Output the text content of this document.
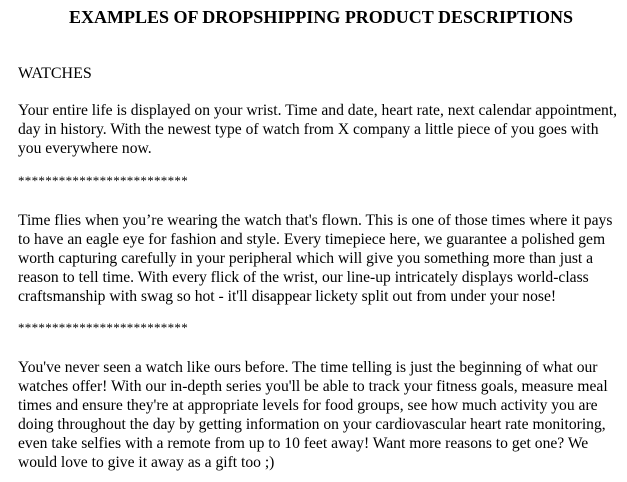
EXAMPLES OF DROPSHIPPING PRODUCT DESCRIPTIONS

WATCHES

Your entire life is displayed on your wrist. Time and date, heart rate, next calendar appointment, day in history. With the newest type of watch from X company a little piece of you goes with you everywhere now.

*************************

Time flies when you’re wearing the watch that's flown. This is one of those times where it pays to have an eagle eye for fashion and style. Every timepiece here, we guarantee a polished gem worth capturing carefully in your peripheral which will give you something more than just a reason to tell time. With every flick of the wrist, our line-up intricately displays world-class craftsmanship with swag so hot - it'll disappear lickety split out from under your nose!

*************************

You've never seen a watch like ours before. The time telling is just the beginning of what our watches offer! With our in-depth series you'll be able to track your fitness goals, measure meal times and ensure they're at appropriate levels for food groups, see how much activity you are doing throughout the day by getting information on your cardiovascular heart rate monitoring, even take selfies with a remote from up to 10 feet away! Want more reasons to get one? We would love to give it away as a gift too ;)
